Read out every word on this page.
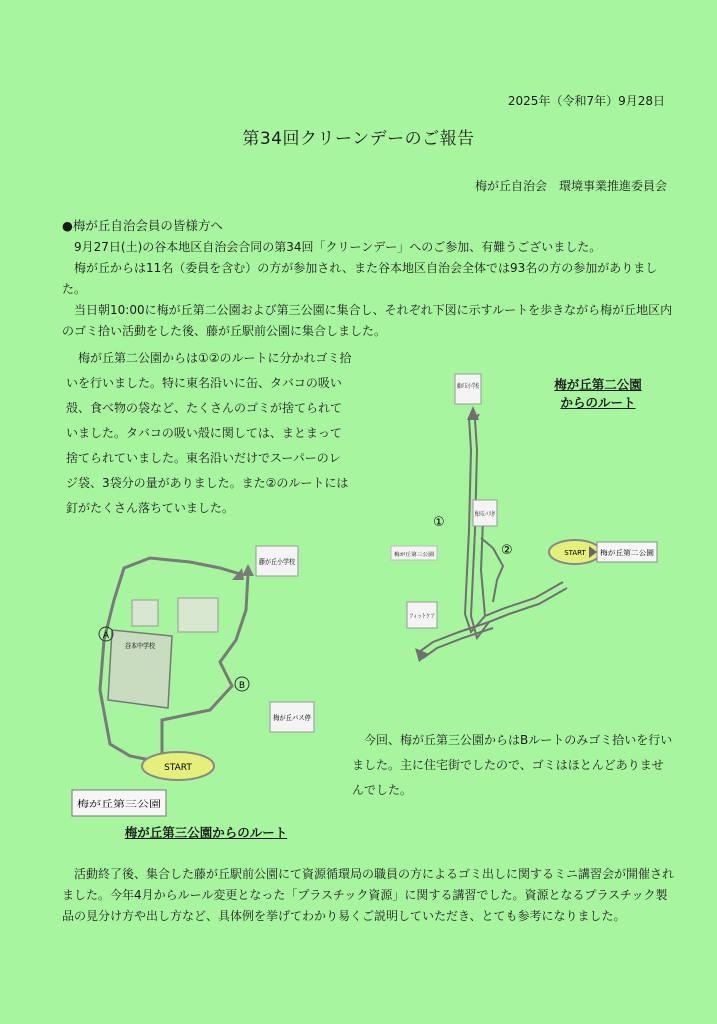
2025年（令和7年）9月28日
第34回クリーンデーのご報告
梅が丘自治会　環境事業推進委員会
●梅が丘自治会員の皆様方へ

9月27日(土)の谷本地区自治会合同の第34回「クリーンデー」へのご参加、有難うございました。

梅が丘からは11名（委員を含む）の方が参加され、また谷本地区自治会全体では93名の方の参加がありました。

当日朝10:00に梅が丘第二公園および第三公園に集合し、それぞれ下図に示すルートを歩きながら梅が丘地区内のゴミ拾い活動をした後、藤が丘駅前公園に集合しました。

梅が丘第二公園からは①②のルートに分かれゴミ拾いを行いました。特に東名沿いに缶、タバコの吸い殻、食べ物の袋など、たくさんのゴミが捨てられていました。タバコの吸い殻に関しては、まとまって捨てられていました。東名沿いだけでスーパーのレジ袋、3袋分の量がありました。また②のルートには釘がたくさん落ちていました。

梅が丘第二公園
からのルート
藤が丘小学校
梅が丘バス停
梅が丘第三公園
フィットケア
START 梅が丘第二公園
①
②
谷本中学校
藤が丘小学校
梅が丘バス停
A
B
START
梅が丘第三公園
梅が丘第三公園からのルート

今回、梅が丘第三公園からはBルートのみゴミ拾いを行いました。主に住宅街でしたので、ゴミはほとんどありませんでした。

活動終了後、集合した藤が丘駅前公園にて資源循環局の職員の方によるゴミ出しに関するミニ講習会が開催されました。今年4月からルール変更となった「プラスチック資源」に関する講習でした。資源となるプラスチック製品の見分け方や出し方など、具体例を挙げてわかり易くご説明していただき、とても参考になりました。
